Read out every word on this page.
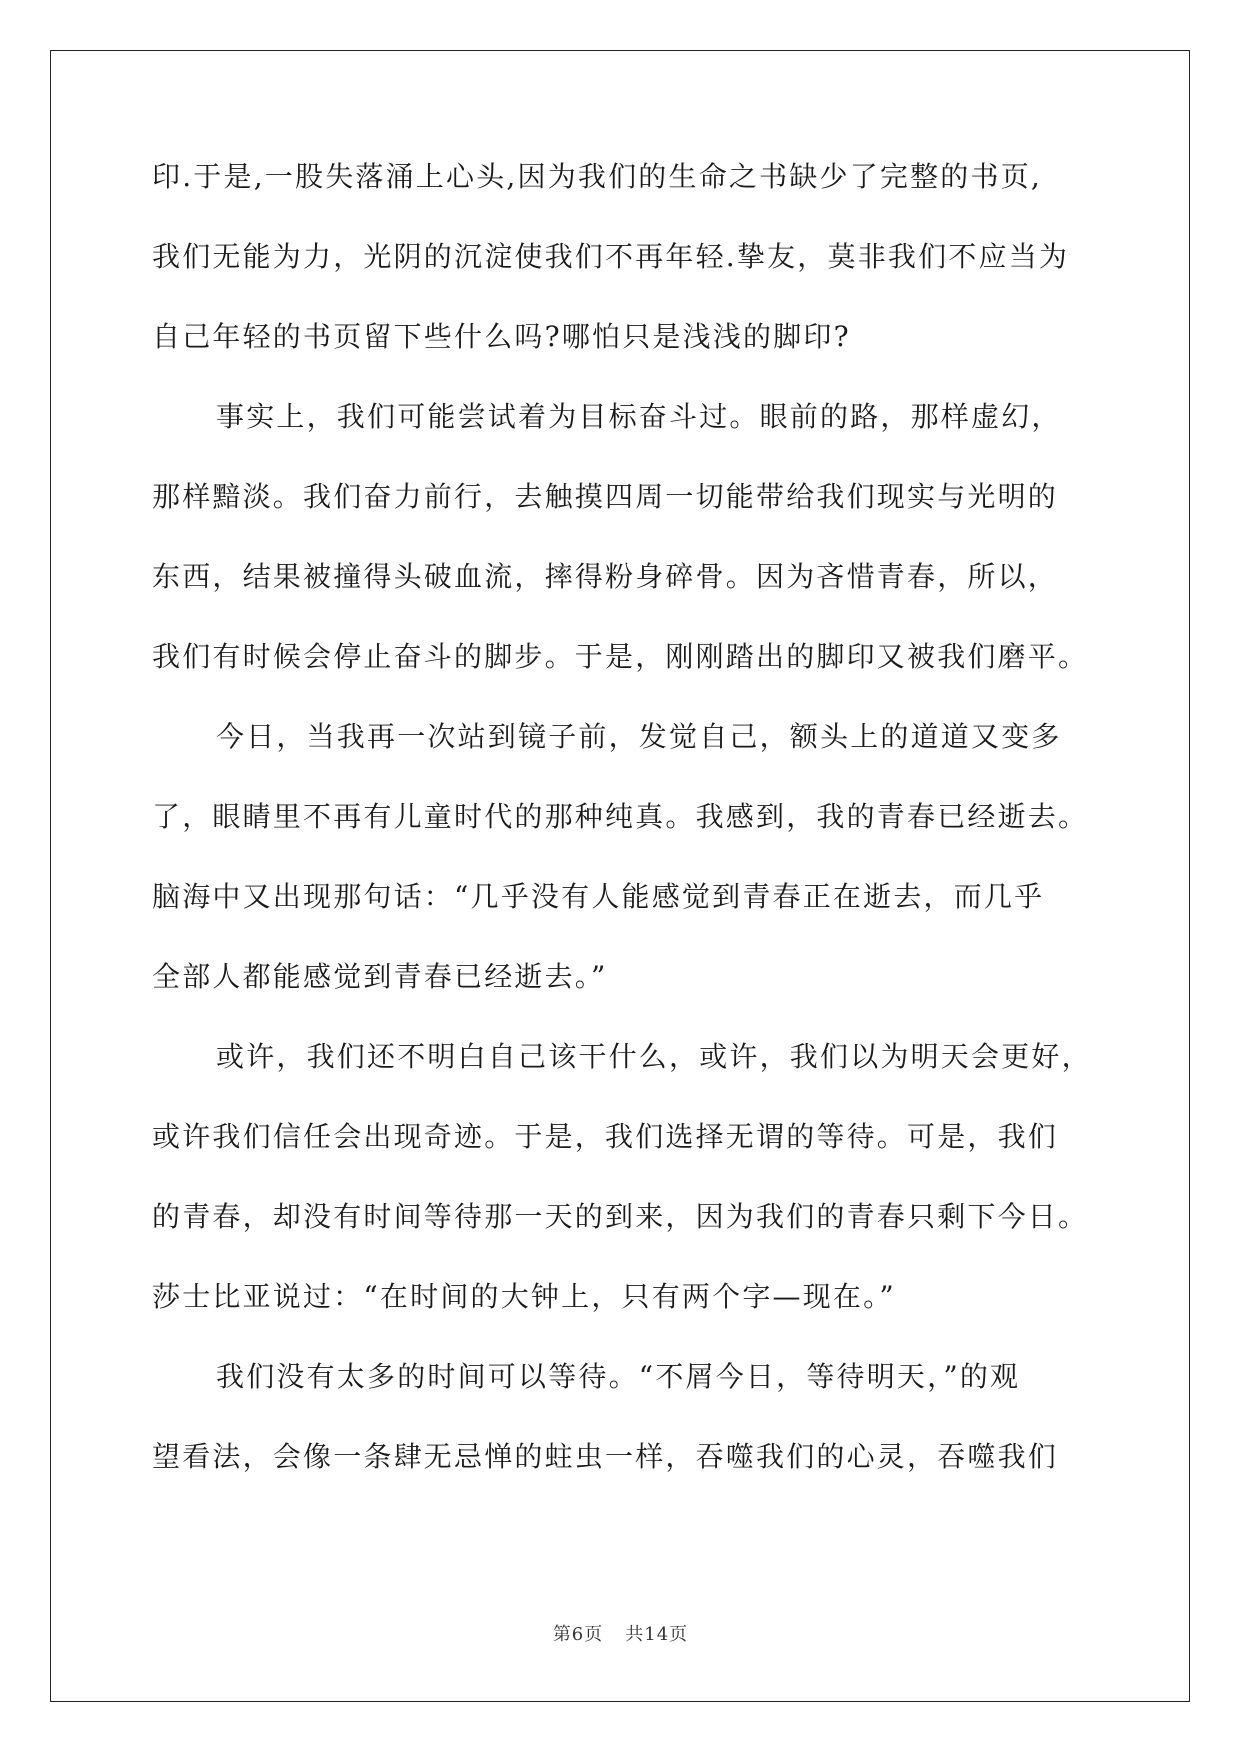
印.于是,一股失落涌上心头,因为我们的生命之书缺少了完整的书页,
我们无能为力，光阴的沉淀使我们不再年轻.挚友，莫非我们不应当为
自己年轻的书页留下些什么吗?哪怕只是浅浅的脚印?
事实上，我们可能尝试着为目标奋斗过。眼前的路，那样虚幻，
那样黯淡。我们奋力前行，去触摸四周一切能带给我们现实与光明的
东西，结果被撞得头破血流，摔得粉身碎骨。因为吝惜青春，所以，
我们有时候会停止奋斗的脚步。于是，刚刚踏出的脚印又被我们磨平。
今日，当我再一次站到镜子前，发觉自己，额头上的道道又变多
了，眼睛里不再有儿童时代的那种纯真。我感到，我的青春已经逝去。
脑海中又出现那句话：“几乎没有人能感觉到青春正在逝去，而几乎
全部人都能感觉到青春已经逝去。”
或许，我们还不明白自己该干什么，或许，我们以为明天会更好，
或许我们信任会出现奇迹。于是，我们选择无谓的等待。可是，我们
的青春，却没有时间等待那一天的到来，因为我们的青春只剩下今日。
莎士比亚说过：“在时间的大钟上，只有两个字—现在。”
我们没有太多的时间可以等待。“不屑今日，等待明天，”的观
望看法，会像一条肆无忌惮的蛀虫一样，吞噬我们的心灵，吞噬我们
第6页 共14页
